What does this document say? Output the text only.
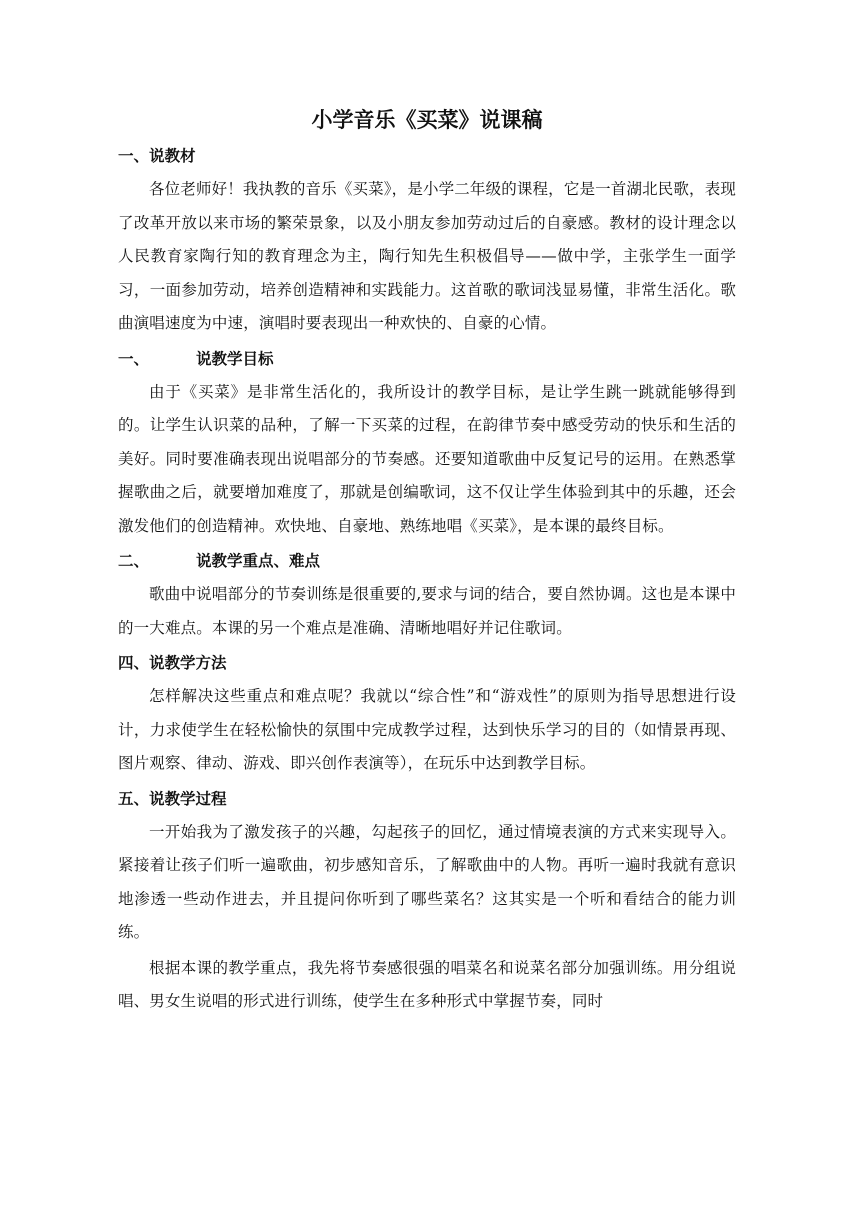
小学音乐《买菜》说课稿

一、说教材

各位老师好！我执教的音乐《买菜》，是小学二年级的课程，它是一首湖北民歌，表现了改革开放以来市场的繁荣景象，以及小朋友参加劳动过后的自豪感。教材的设计理念以人民教育家陶行知的教育理念为主，陶行知先生积极倡导——做中学，主张学生一面学习，一面参加劳动，培养创造精神和实践能力。这首歌的歌词浅显易懂，非常生活化。歌曲演唱速度为中速，演唱时要表现出一种欢快的、自豪的心情。

一、	说教学目标

由于《买菜》是非常生活化的，我所设计的教学目标，是让学生跳一跳就能够得到的。让学生认识菜的品种，了解一下买菜的过程，在韵律节奏中感受劳动的快乐和生活的美好。同时要准确表现出说唱部分的节奏感。还要知道歌曲中反复记号的运用。在熟悉掌握歌曲之后，就要增加难度了，那就是创编歌词，这不仅让学生体验到其中的乐趣，还会激发他们的创造精神。欢快地、自豪地、熟练地唱《买菜》，是本课的最终目标。

二、	说教学重点、难点

歌曲中说唱部分的节奏训练是很重要的,要求与词的结合，要自然协调。这也是本课中的一大难点。本课的另一个难点是准确、清晰地唱好并记住歌词。

四、说教学方法

怎样解决这些重点和难点呢？我就以“综合性”和“游戏性”的原则为指导思想进行设计，力求使学生在轻松愉快的氛围中完成教学过程，达到快乐学习的目的（如情景再现、图片观察、律动、游戏、即兴创作表演等），在玩乐中达到教学目标。

五、说教学过程

一开始我为了激发孩子的兴趣，勾起孩子的回忆，通过情境表演的方式来实现导入。紧接着让孩子们听一遍歌曲，初步感知音乐，了解歌曲中的人物。再听一遍时我就有意识地渗透一些动作进去，并且提问你听到了哪些菜名？这其实是一个听和看结合的能力训练。

根据本课的教学重点，我先将节奏感很强的唱菜名和说菜名部分加强训练。用分组说唱、男女生说唱的形式进行训练，使学生在多种形式中掌握节奏，同时
